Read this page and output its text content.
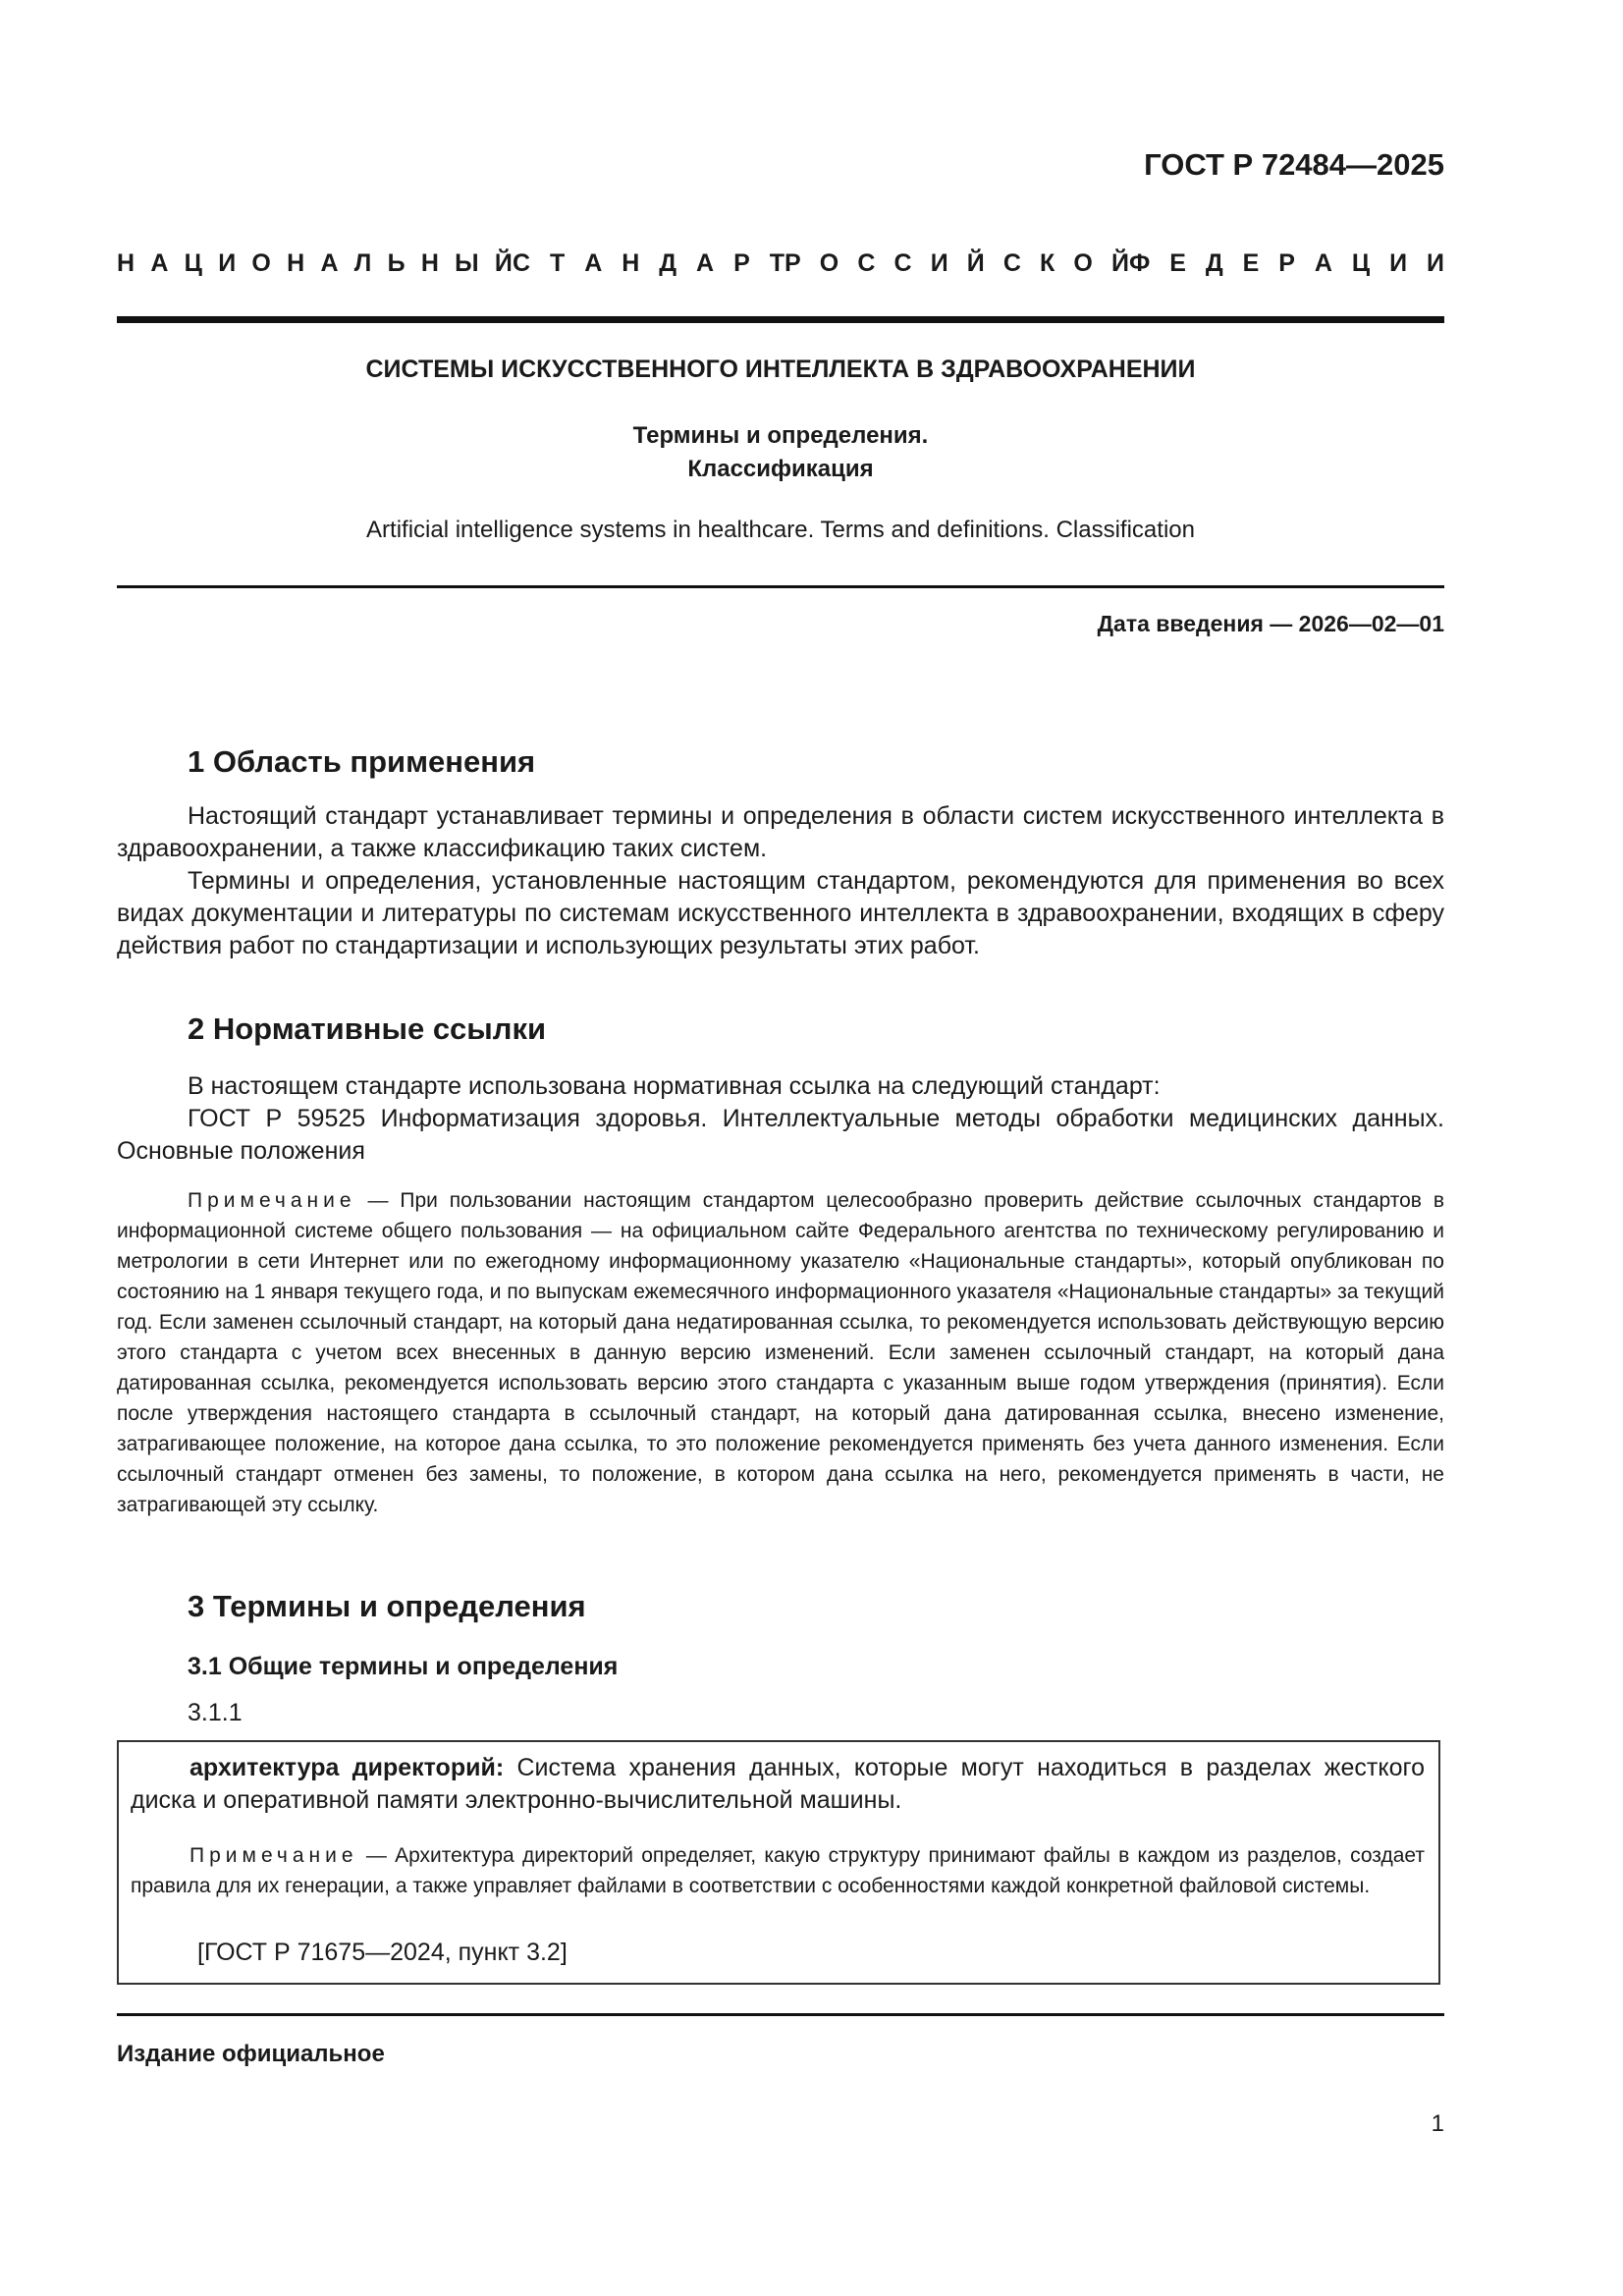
ГОСТ Р 72484—2025
Н А Ц И О Н А Л Ь Н Ы Й С Т А Н Д А Р Т Р О С С И Й С К О Й Ф Е Д Е Р А Ц И И
СИСТЕМЫ ИСКУССТВЕННОГО ИНТЕЛЛЕКТА В ЗДРАВООХРАНЕНИИ
Термины и определения.
Классификация
Artificial intelligence systems in healthcare. Terms and definitions. Classification
Дата введения — 2026—02—01
1 Область применения

Настоящий стандарт устанавливает термины и определения в области систем искусственного интеллекта в здравоохранении, а также классификацию таких систем.

Термины и определения, установленные настоящим стандартом, рекомендуются для применения во всех видах документации и литературы по системам искусственного интеллекта в здравоохранении, входящих в сферу действия работ по стандартизации и использующих результаты этих работ.

2 Нормативные ссылки

В настоящем стандарте использована нормативная ссылка на следующий стандарт:

ГОСТ Р 59525 Информатизация здоровья. Интеллектуальные методы обработки медицинских данных. Основные положения

Примечание — При пользовании настоящим стандартом целесообразно проверить действие ссылочных стандартов в информационной системе общего пользования — на официальном сайте Федерального агентства по техническому регулированию и метрологии в сети Интернет или по ежегодному информационному указателю «Национальные стандарты», который опубликован по состоянию на 1 января текущего года, и по выпускам ежемесячного информационного указателя «Национальные стандарты» за текущий год. Если заменен ссылочный стандарт, на который дана недатированная ссылка, то рекомендуется использовать действующую версию этого стандарта с учетом всех внесенных в данную версию изменений. Если заменен ссылочный стандарт, на который дана датированная ссылка, рекомендуется использовать версию этого стандарта с указанным выше годом утверждения (принятия). Если после утверждения настоящего стандарта в ссылочный стандарт, на который дана датированная ссылка, внесено изменение, затрагивающее положение, на которое дана ссылка, то это положение рекомендуется применять без учета данного изменения. Если ссылочный стандарт отменен без замены, то положение, в котором дана ссылка на него, рекомендуется применять в части, не затрагивающей эту ссылку.

3 Термины и определения
3.1 Общие термины и определения
3.1.1

архитектура директорий: Система хранения данных, которые могут находиться в разделах жесткого диска и оперативной памяти электронно-вычислительной машины.

Примечание — Архитектура директорий определяет, какую структуру принимают файлы в каждом из разделов, создает правила для их генерации, а также управляет файлами в соответствии с особенностями каждой конкретной файловой системы.

[ГОСТ Р 71675—2024, пункт 3.2]
Издание официальное
1
